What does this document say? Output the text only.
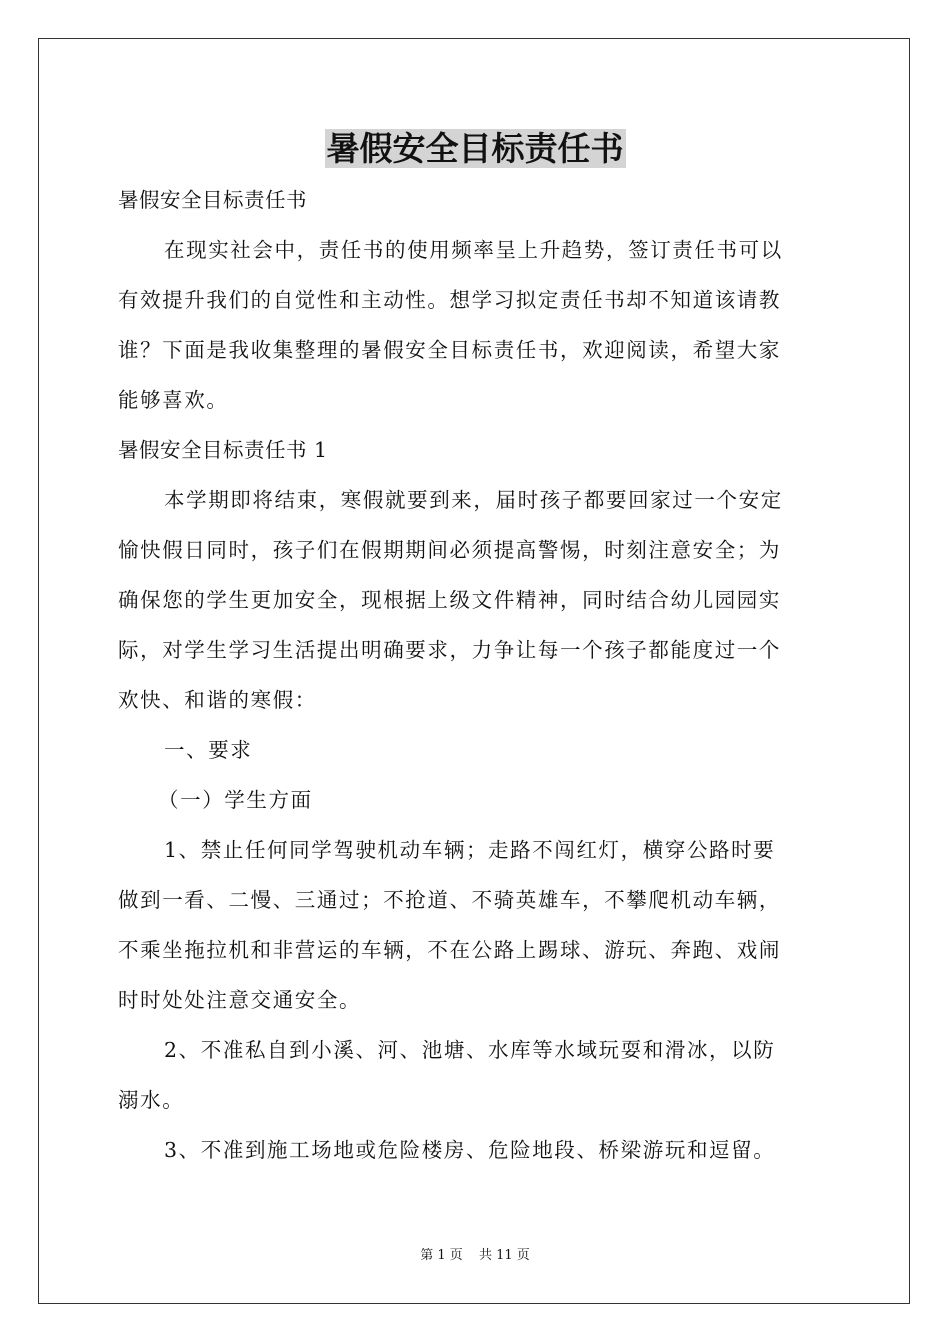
暑假安全目标责任书
暑假安全目标责任书
在现实社会中，责任书的使用频率呈上升趋势，签订责任书可以
有效提升我们的自觉性和主动性。想学习拟定责任书却不知道该请教
谁？下面是我收集整理的暑假安全目标责任书，欢迎阅读，希望大家
能够喜欢。
暑假安全目标责任书 1
本学期即将结束，寒假就要到来，届时孩子都要回家过一个安定
愉快假日同时，孩子们在假期期间必须提高警惕，时刻注意安全；为
确保您的学生更加安全，现根据上级文件精神，同时结合幼儿园园实
际，对学生学习生活提出明确要求，力争让每一个孩子都能度过一个
欢快、和谐的寒假：
一、要求
（一）学生方面
1、禁止任何同学驾驶机动车辆；走路不闯红灯，横穿公路时要
做到一看、二慢、三通过；不抢道、不骑英雄车，不攀爬机动车辆，
不乘坐拖拉机和非营运的车辆，不在公路上踢球、游玩、奔跑、戏闹
时时处处注意交通安全。
2、不准私自到小溪、河、池塘、水库等水域玩耍和滑冰，以防
溺水。
3、不准到施工场地或危险楼房、危险地段、桥梁游玩和逗留。
第 1 页 共 11 页
